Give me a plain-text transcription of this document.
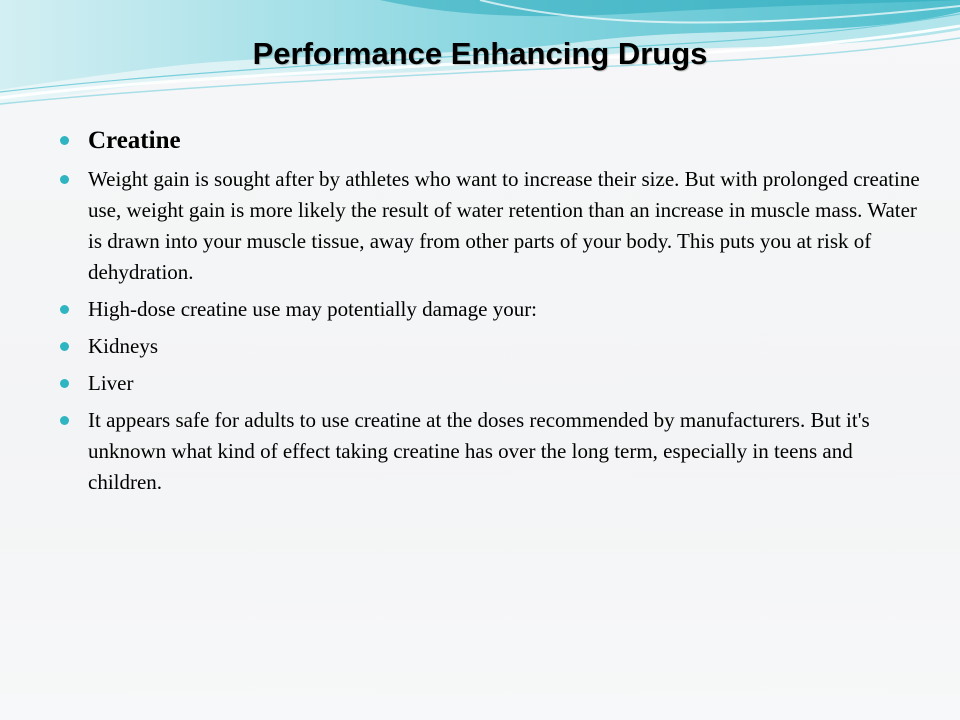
Performance Enhancing Drugs
Creatine
Weight gain is sought after by athletes who want to increase their size. But with prolonged creatine use, weight gain is more likely the result of water retention than an increase in muscle mass. Water is drawn into your muscle tissue, away from other parts of your body. This puts you at risk of dehydration.
High-dose creatine use may potentially damage your:
Kidneys
Liver
It appears safe for adults to use creatine at the doses recommended by manufacturers. But it's unknown what kind of effect taking creatine has over the long term, especially in teens and children.
